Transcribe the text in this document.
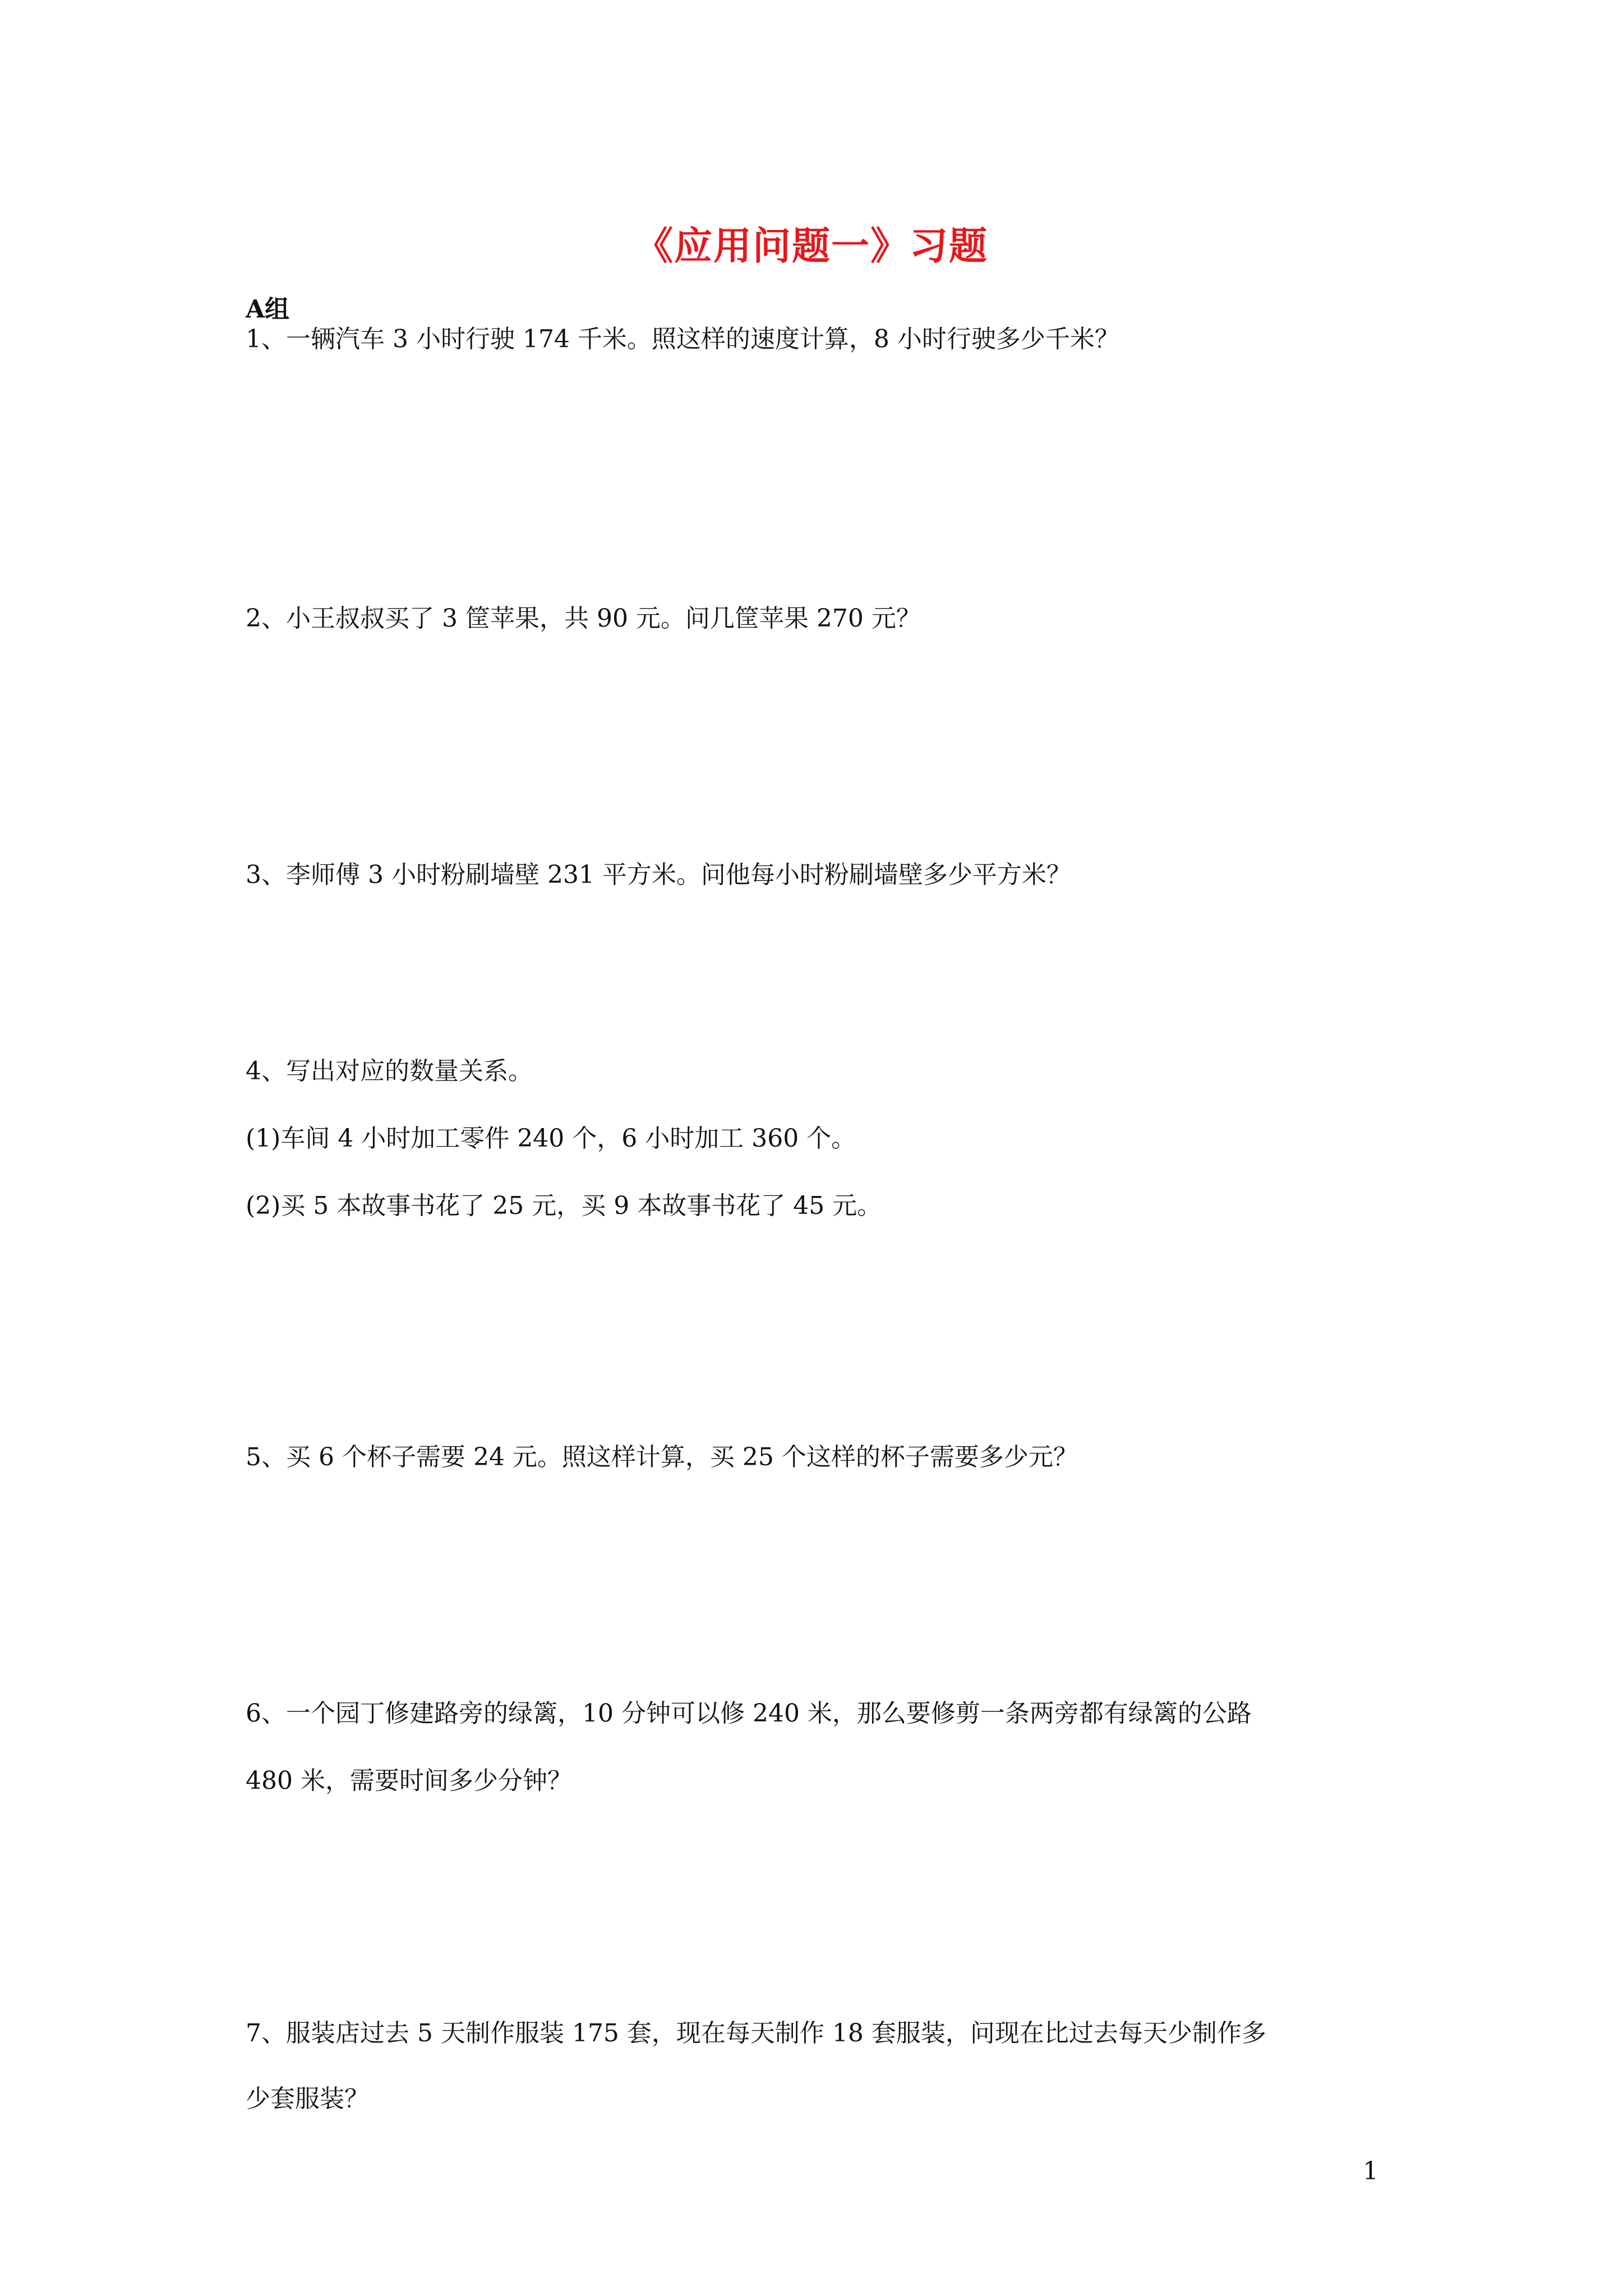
《应用问题一》习题
A组
1、一辆汽车 3 小时行驶 174 千米。照这样的速度计算，8 小时行驶多少千米？
2、小王叔叔买了 3 筐苹果，共 90 元。问几筐苹果 270 元？
3、李师傅 3 小时粉刷墙壁 231 平方米。问他每小时粉刷墙壁多少平方米？
4、写出对应的数量关系。
(1)车间 4 小时加工零件 240 个，6 小时加工 360 个。
(2)买 5 本故事书花了 25 元，买 9 本故事书花了 45 元。
5、买 6 个杯子需要 24 元。照这样计算，买 25 个这样的杯子需要多少元？
6、一个园丁修建路旁的绿篱，10 分钟可以修 240 米，那么要修剪一条两旁都有绿篱的公路
480 米，需要时间多少分钟？
7、服装店过去 5 天制作服装 175 套，现在每天制作 18 套服装，问现在比过去每天少制作多
少套服装？
1
